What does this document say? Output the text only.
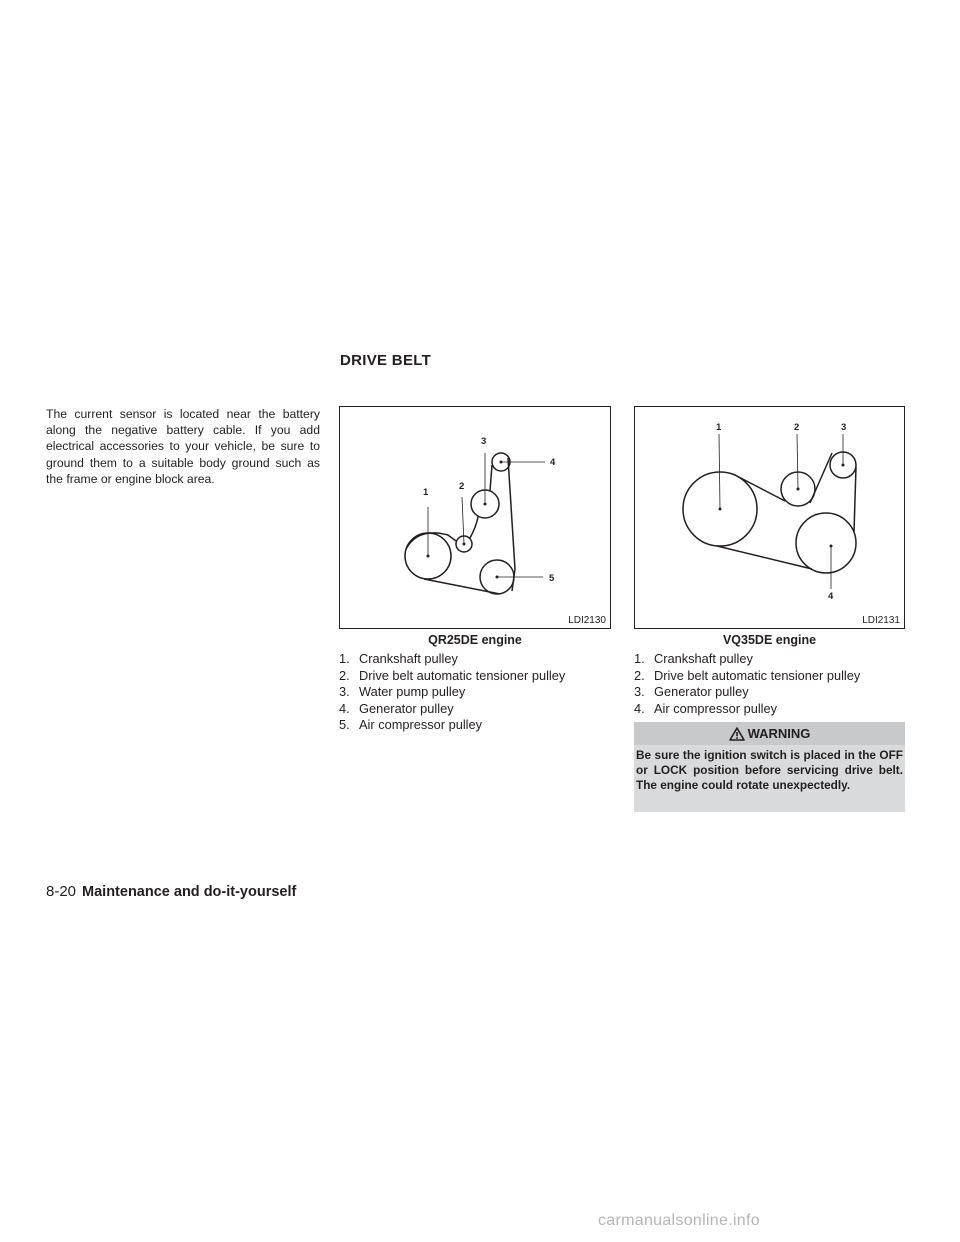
DRIVE BELT

The current sensor is located near the battery along the negative battery cable. If you add electrical accessories to your vehicle, be sure to ground them to a suitable body ground such as the frame or engine block area.

1
2
3
4
5
LDI2130
QR25DE engine
1. Crankshaft pulley
2. Drive belt automatic tensioner pulley
3. Water pump pulley
4. Generator pulley
5. Air compressor pulley
1	2	3
4
LDI2131
VQ35DE engine
1. Crankshaft pulley
2. Drive belt automatic tensioner pulley
3. Generator pulley
4. Air compressor pulley
WARNING
Be sure the ignition switch is placed in the OFF or LOCK position before servicing drive belt. The engine could rotate unexpectedly.
8-20 Maintenance and do-it-yourself
carmanualsonline.info
